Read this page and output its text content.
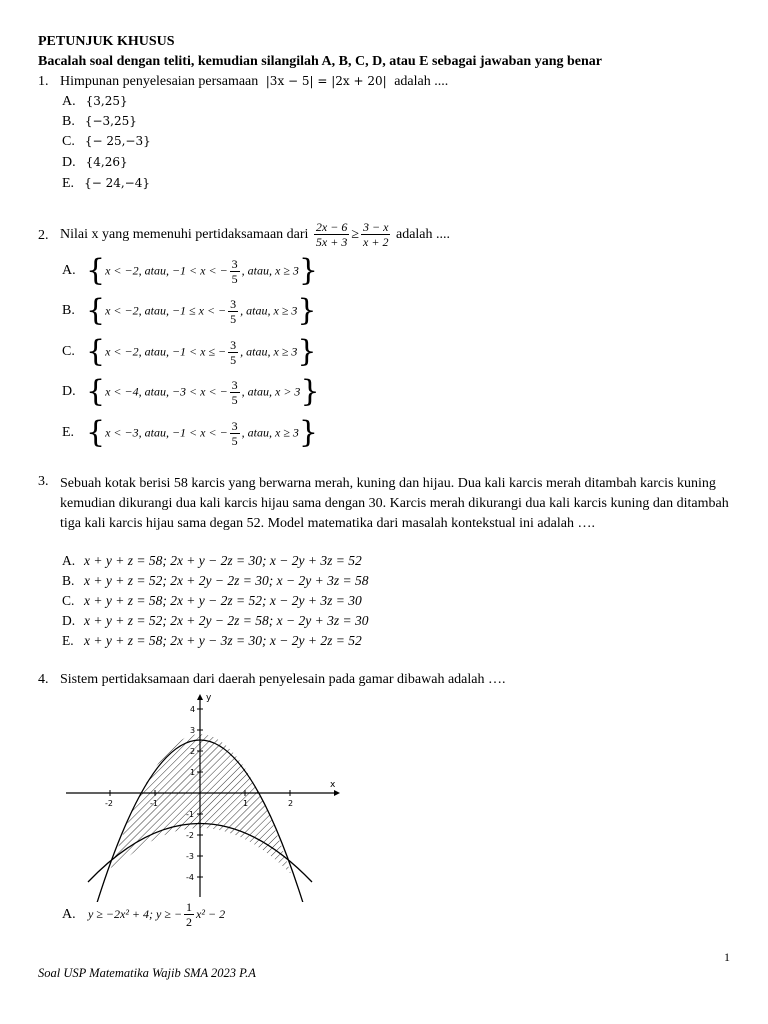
PETUNJUK KHUSUS
Bacalah soal dengan teliti, kemudian silangilah A, B, C, D, atau E sebagai jawaban yang benar
1. Himpunan penyelesaian persamaan |3x − 5| = |2x + 20| adalah ....
A. {3,25}
B. {−3,25}
C. {− 25,−3}
D. {4,26}
E. {− 24,−4}
2. Nilai x yang memenuhi pertidaksamaan dari $\frac{2x - 6}{5x + 3} \ge \frac{3 - x}{x + 2}$ adalah ....
A. {x < −2, atau, −1 < x < − $\frac{3}{5}$ , atau, x ≥ 3}
B. {x < −2, atau, −1 ≤ x < − $\frac{3}{5}$ , atau, x ≥ 3}
C. {x < −2, atau, −1 < x ≤ − $\frac{3}{5}$ , atau, x ≥ 3}
D. {x < −4, atau, −3 < x < − $\frac{3}{5}$ , atau, x > 3}
E. {x < −3, atau, −1 < x < − $\frac{3}{5}$ , atau, x ≥ 3}
3. Sebuah kotak berisi 58 karcis yang berwarna merah, kuning dan hijau. Dua kali karcis merah ditambah karcis kuning kemudian dikurangi dua kali karcis hijau sama dengan 30. Karcis merah dikurangi dua kali karcis kuning dan ditambah tiga kali karcis hijau sama degan 52. Model matematika dari masalah kontekstual ini adalah ….
A. x + y + z = 58; 2x + y − 2z = 30; x − 2y + 3z = 52
B. x + y + z = 52; 2x + 2y − 2z = 30; x − 2y + 3z = 58
C. x + y + z = 58; 2x + y − 2z = 52; x − 2y + 3z = 30
D. x + y + z = 52; 2x + 2y − 2z = 58; x − 2y + 3z = 30
E. x + y + z = 58; 2x + y − 3z = 30; x − 2y + 2z = 52
4. Sistem pertidaksamaan dari daerah penyelesain pada gamar dibawah adalah ….
x
y
-2	-1	1	2
4
3
2
1
-1
-2
-3
-4
A. y ≥ −2x² + 4; y ≥ − $\frac{1}{2} x^2 - 2$
1
Soal USP Matematika Wajib SMA 2023 P.A
